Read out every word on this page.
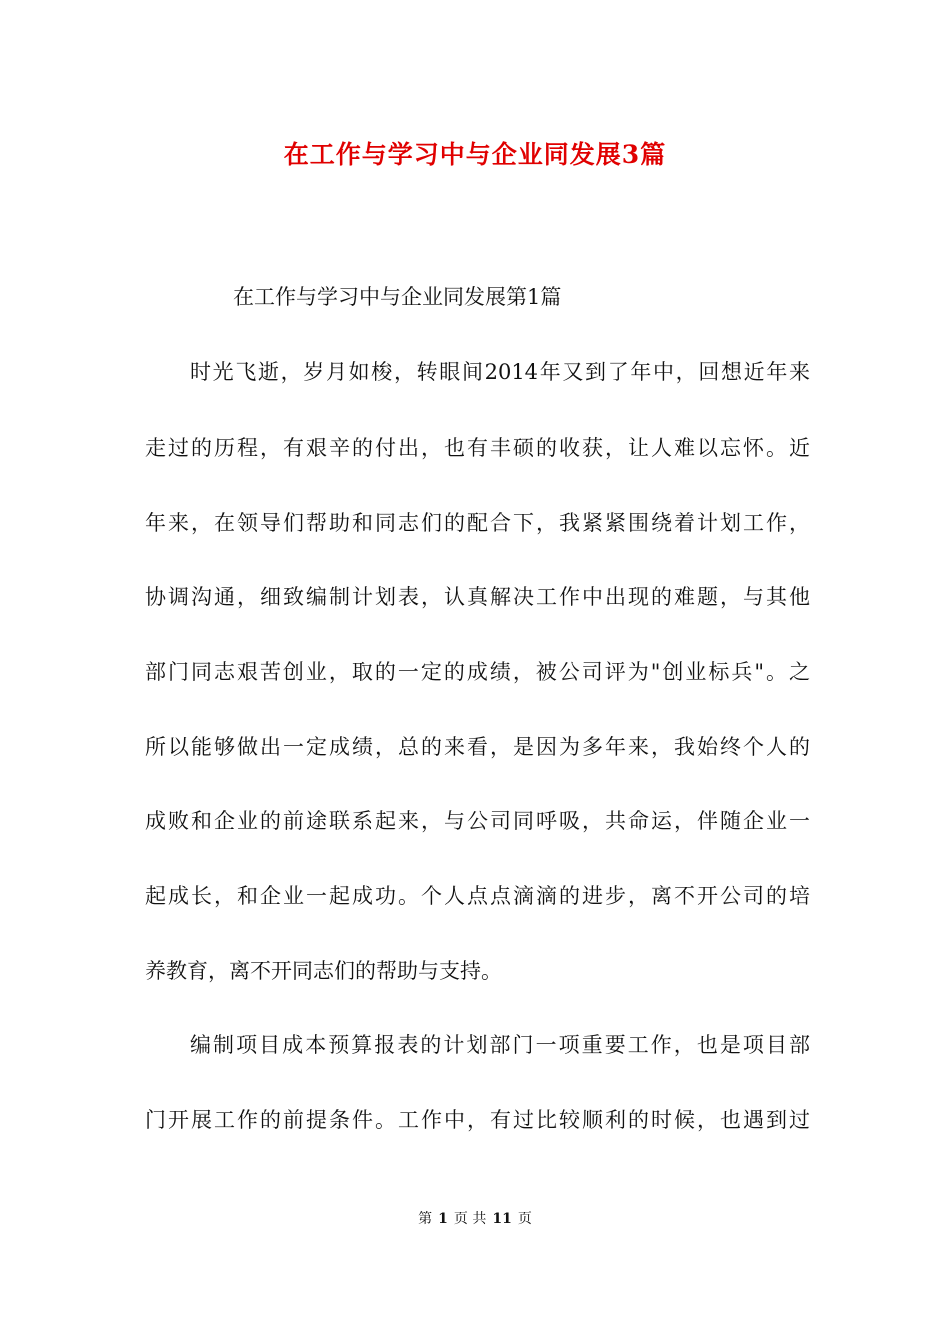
在工作与学习中与企业同发展3篇
在工作与学习中与企业同发展第1篇
时光飞逝，岁月如梭，转眼间2014年又到了年中，回想近年来
走过的历程，有艰辛的付出，也有丰硕的收获，让人难以忘怀。近
年来，在领导们帮助和同志们的配合下，我紧紧围绕着计划工作，
协调沟通，细致编制计划表，认真解决工作中出现的难题，与其他
部门同志艰苦创业，取的一定的成绩，被公司评为"创业标兵"。之
所以能够做出一定成绩，总的来看，是因为多年来，我始终个人的
成败和企业的前途联系起来，与公司同呼吸，共命运，伴随企业一
起成长，和企业一起成功。个人点点滴滴的进步，离不开公司的培
养教育，离不开同志们的帮助与支持。
编制项目成本预算报表的计划部门一项重要工作，也是项目部
门开展工作的前提条件。工作中，有过比较顺利的时候，也遇到过
第 1 页 共 11 页
